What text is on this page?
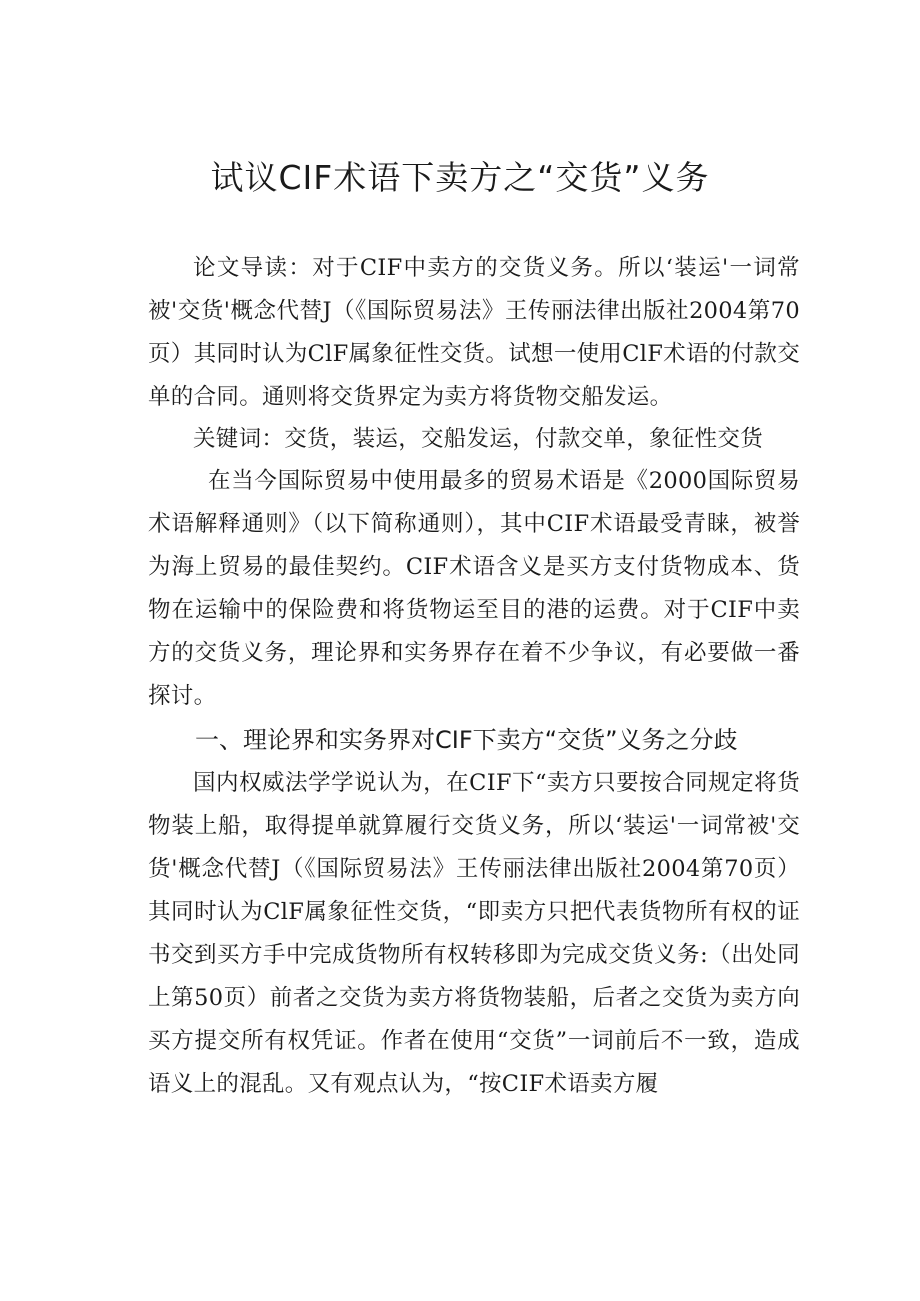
试议CIF术语下卖方之“交货”义务

论文导读：对于CIF中卖方的交货义务。所以‘装运'一词常被'交货'概念代替J（《国际贸易法》王传丽法律出版社2004第70页）其同时认为ClF属象征性交货。试想一使用ClF术语的付款交单的合同。通则将交货界定为卖方将货物交船发运。

关键词：交货，装运，交船发运，付款交单，象征性交货

在当今国际贸易中使用最多的贸易术语是《2000国际贸易术语解释通则》（以下简称通则），其中CIF术语最受青睐，被誉为海上贸易的最佳契约。CIF术语含义是买方支付货物成本、货物在运输中的保险费和将货物运至目的港的运费。对于CIF中卖方的交货义务，理论界和实务界存在着不少争议，有必要做一番探讨。

一、理论界和实务界对CIF下卖方“交货”义务之分歧

国内权威法学学说认为，在CIF下“卖方只要按合同规定将货物装上船，取得提单就算履行交货义务，所以‘装运'一词常被'交货'概念代替J（《国际贸易法》王传丽法律出版社2004第70页）其同时认为ClF属象征性交货，“即卖方只把代表货物所有权的证书交到买方手中完成货物所有权转移即为完成交货义务:（出处同上第50页）前者之交货为卖方将货物装船，后者之交货为卖方向买方提交所有权凭证。作者在使用“交货”一词前后不一致，造成语义上的混乱。又有观点认为，“按CIF术语卖方履
